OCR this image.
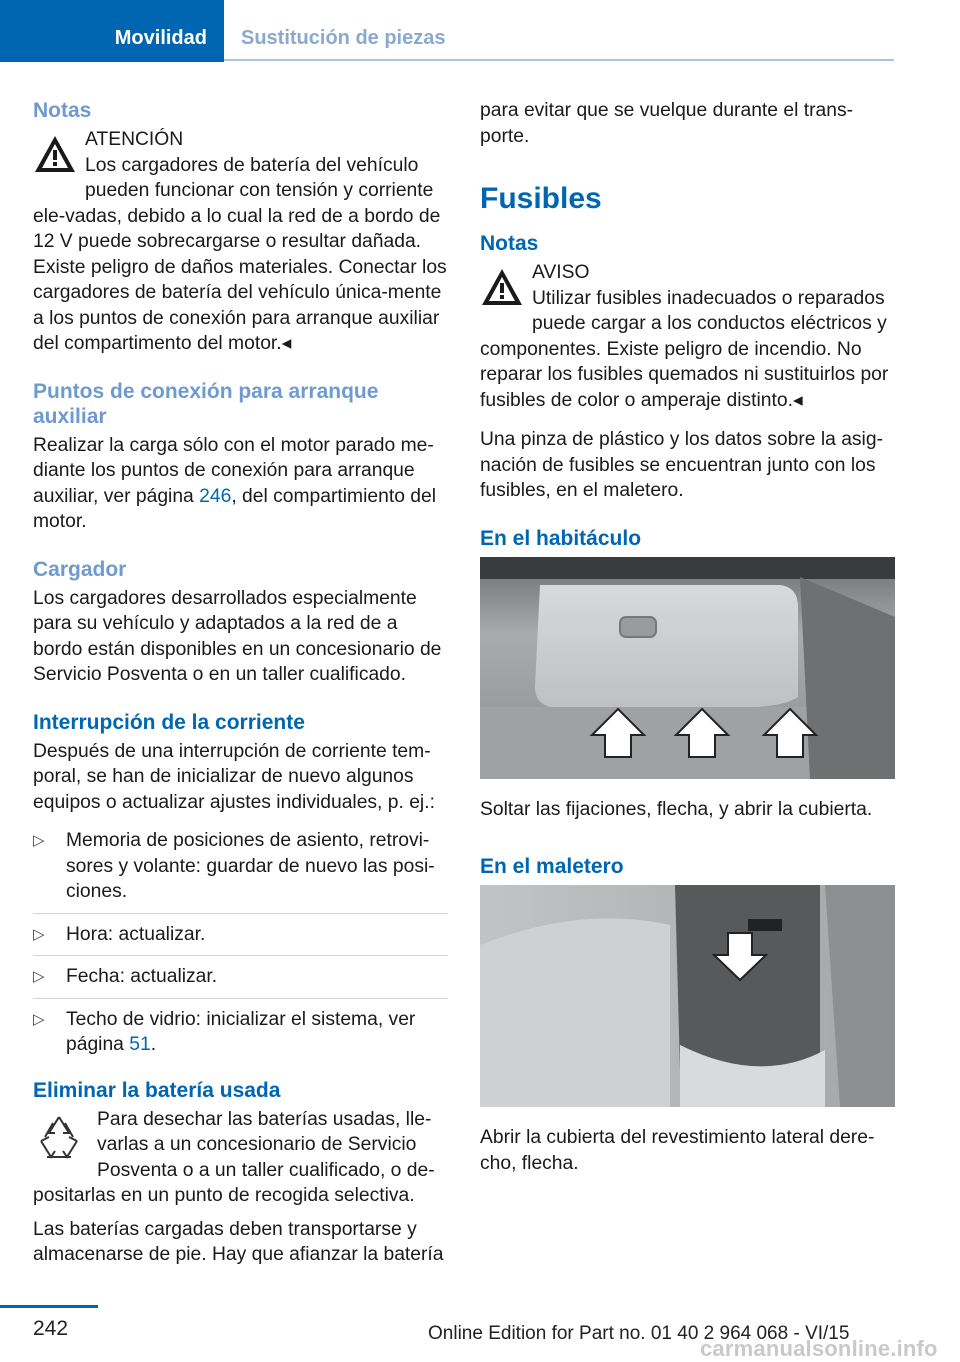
Movilidad	Sustitución de piezas
Notas
ATENCIÓN
Los cargadores de batería del vehículo pueden funcionar con tensión y corriente ele-vadas, debido a lo cual la red de a bordo de 12 V puede sobrecargarse o resultar dañada. Existe peligro de daños materiales. Conectar los cargadores de batería del vehículo única-mente a los puntos de conexión para arranque auxiliar del compartimento del motor.◂
Puntos de conexión para arranque auxiliar

Realizar la carga sólo con el motor parado me-diante los puntos de conexión para arranque auxiliar, ver página 246, del compartimiento del motor.

Cargador

Los cargadores desarrollados especialmente para su vehículo y adaptados a la red de a bordo están disponibles en un concesionario de Servicio Posventa o en un taller cualificado.

Interrupción de la corriente

Después de una interrupción de corriente tem-poral, se han de inicializar de nuevo algunos equipos o actualizar ajustes individuales, p. ej.:

▷ Memoria de posiciones de asiento, retrovi-sores y volante: guardar de nuevo las posi-ciones.
▷ Hora: actualizar.
▷ Fecha: actualizar.
▷ Techo de vidrio: inicializar el sistema, ver
página 51.
Eliminar la batería usada
Para desechar las baterías usadas, lle-varlas a un concesionario de Servicio Posventa o a un taller cualificado, o de-positarlas en un punto de recogida selectiva.

Las baterías cargadas deben transportarse y almacenarse de pie. Hay que afianzar la batería

para evitar que se vuelque durante el trans-porte.

Fusibles
Notas
AVISO
Utilizar fusibles inadecuados o reparados puede cargar a los conductos eléctricos y componentes. Existe peligro de incendio. No reparar los fusibles quemados ni sustituirlos por fusibles de color o amperaje distinto.◂

Una pinza de plástico y los datos sobre la asig-nación de fusibles se encuentran junto con los fusibles, en el maletero.

En el habitáculo

Soltar las fijaciones, flecha, y abrir la cubierta.

En el maletero

Abrir la cubierta del revestimiento lateral dere-cho, flecha.

242	Online Edition for Part no. 01 40 2 964 068 - VI/15
carmanualsonline.info
